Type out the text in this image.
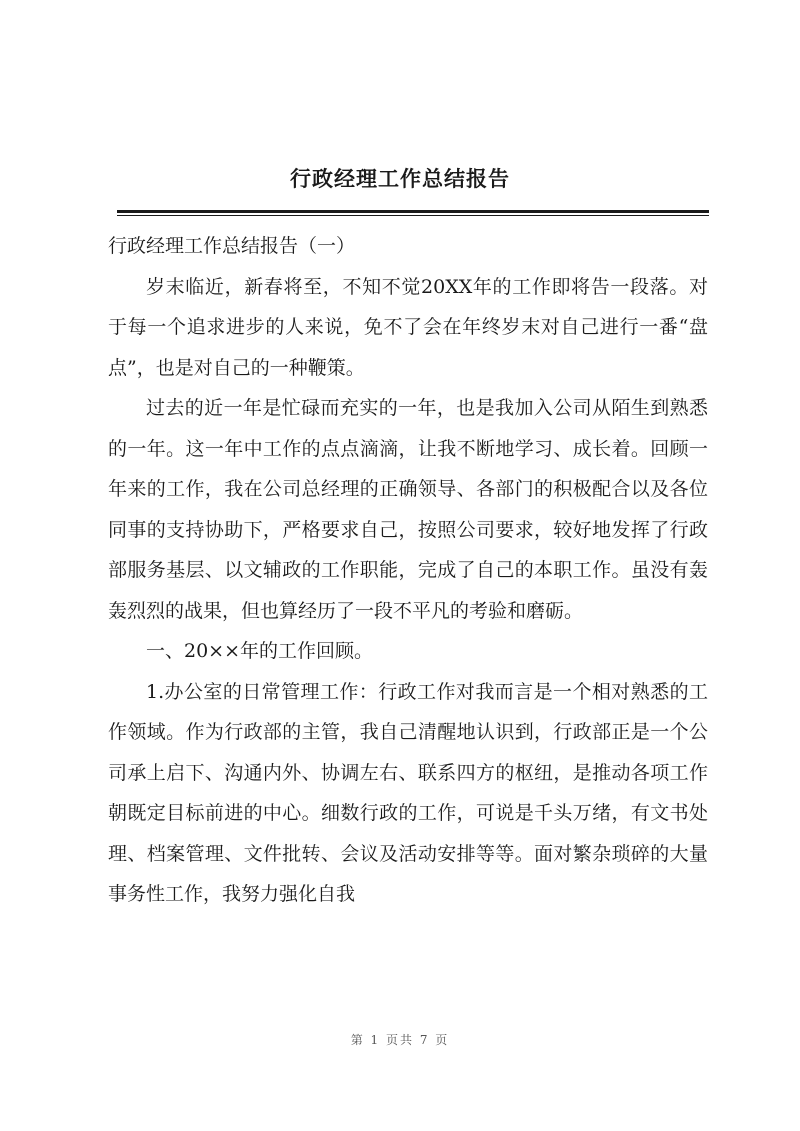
行政经理工作总结报告

行政经理工作总结报告（一）

岁末临近，新春将至，不知不觉20XX年的工作即将告一段落。对于每一个追求进步的人来说，免不了会在年终岁末对自己进行一番“盘点”，也是对自己的一种鞭策。

过去的近一年是忙碌而充实的一年，也是我加入公司从陌生到熟悉的一年。这一年中工作的点点滴滴，让我不断地学习、成长着。回顾一年来的工作，我在公司总经理的正确领导、各部门的积极配合以及各位同事的支持协助下，严格要求自己，按照公司要求，较好地发挥了行政部服务基层、以文辅政的工作职能，完成了自己的本职工作。虽没有轰轰烈烈的战果，但也算经历了一段不平凡的考验和磨砺。

一、20××年的工作回顾。

1.办公室的日常管理工作：行政工作对我而言是一个相对熟悉的工作领域。作为行政部的主管，我自己清醒地认识到，行政部正是一个公司承上启下、沟通内外、协调左右、联系四方的枢纽，是推动各项工作朝既定目标前进的中心。细数行政的工作，可说是千头万绪，有文书处理、档案管理、文件批转、会议及活动安排等等。面对繁杂琐碎的大量事务性工作，我努力强化自我

第 1 页共 7 页
